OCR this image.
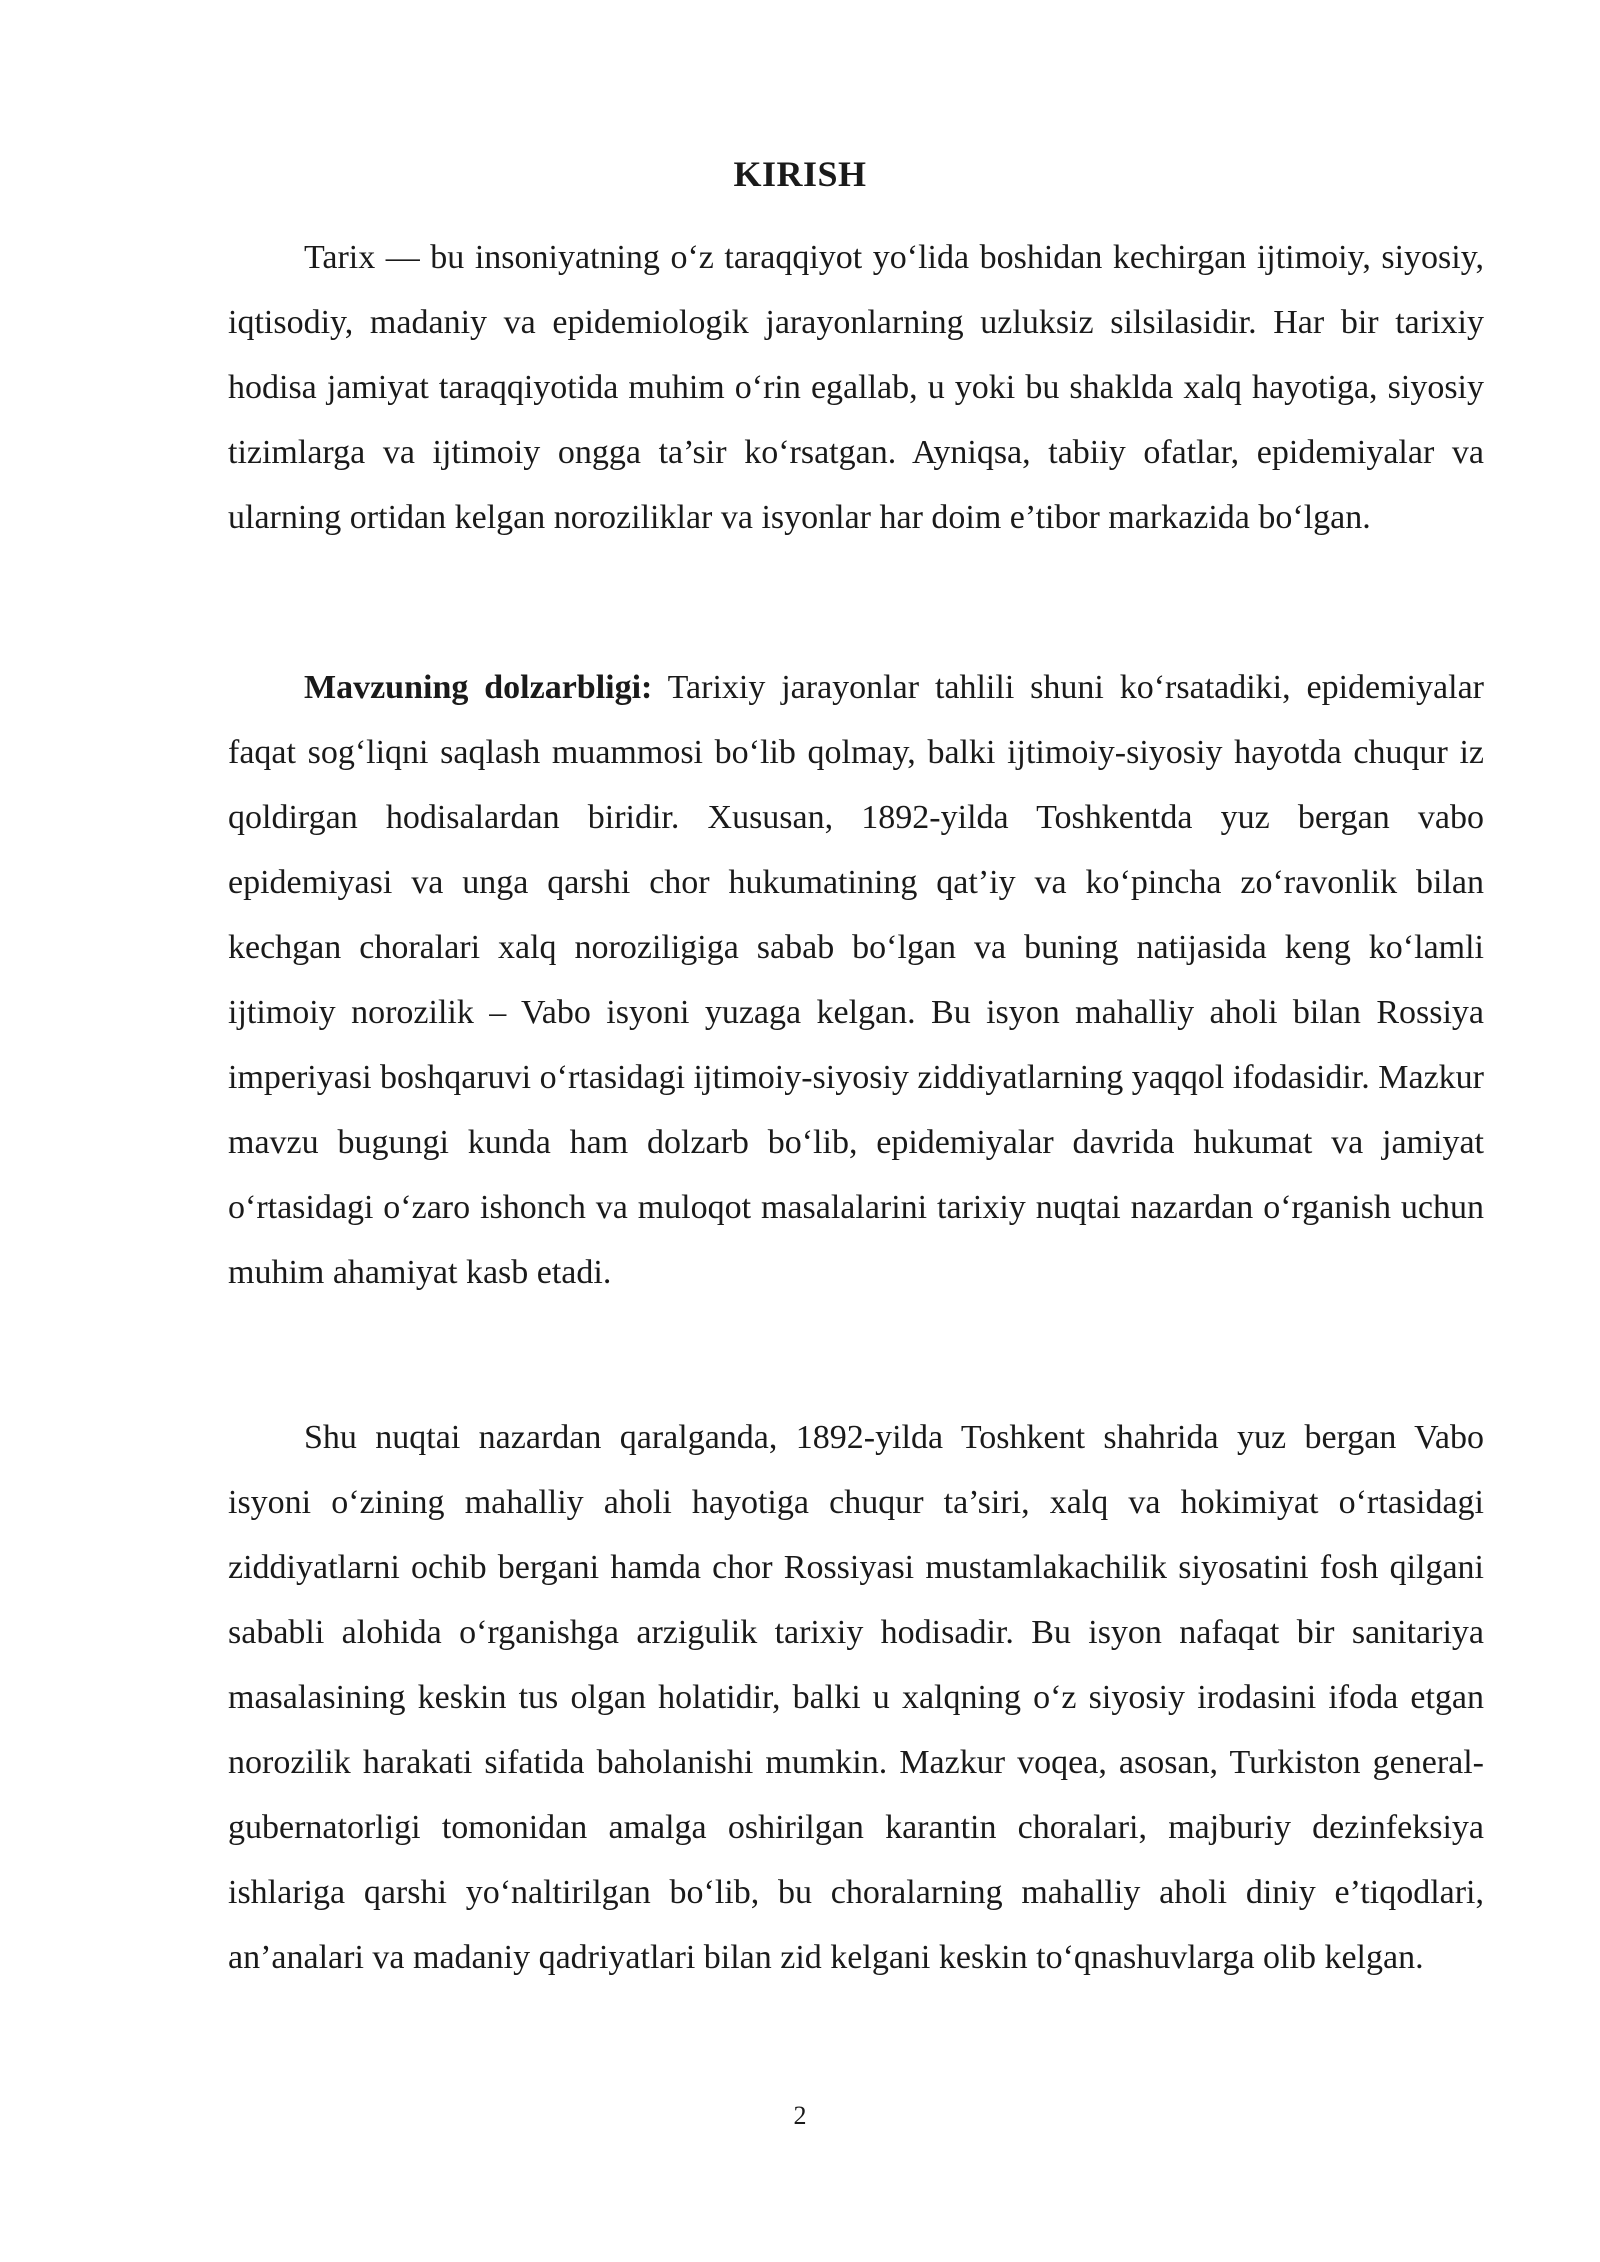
KIRISH

Tarix — bu insoniyatning o‘z taraqqiyot yo‘lida boshidan kechirgan ijtimoiy, siyosiy, iqtisodiy, madaniy va epidemiologik jarayonlarning uzluksiz silsilasidir. Har bir tarixiy hodisa jamiyat taraqqiyotida muhim o‘rin egallab, u yoki bu shaklda xalq hayotiga, siyosiy tizimlarga va ijtimoiy ongga ta’sir ko‘rsatgan. Ayniqsa, tabiiy ofatlar, epidemiyalar va ularning ortidan kelgan noroziliklar va isyonlar har doim e’tibor markazida bo‘lgan.

Mavzuning dolzarbligi: Tarixiy jarayonlar tahlili shuni ko‘rsatadiki, epidemiyalar faqat sog‘liqni saqlash muammosi bo‘lib qolmay, balki ijtimoiy-siyosiy hayotda chuqur iz qoldirgan hodisalardan biridir. Xususan, 1892-yilda Toshkentda yuz bergan vabo epidemiyasi va unga qarshi chor hukumatining qat’iy va ko‘pincha zo‘ravonlik bilan kechgan choralari xalq noroziligiga sabab bo‘lgan va buning natijasida keng ko‘lamli ijtimoiy norozilik – Vabo isyoni yuzaga kelgan. Bu isyon mahalliy aholi bilan Rossiya imperiyasi boshqaruvi o‘rtasidagi ijtimoiy-siyosiy ziddiyatlarning yaqqol ifodasidir. Mazkur mavzu bugungi kunda ham dolzarb bo‘lib, epidemiyalar davrida hukumat va jamiyat o‘rtasidagi o‘zaro ishonch va muloqot masalalarini tarixiy nuqtai nazardan o‘rganish uchun muhim ahamiyat kasb etadi.

Shu nuqtai nazardan qaralganda, 1892-yilda Toshkent shahrida yuz bergan Vabo isyoni o‘zining mahalliy aholi hayotiga chuqur ta’siri, xalq va hokimiyat o‘rtasidagi ziddiyatlarni ochib bergani hamda chor Rossiyasi mustamlakachilik siyosatini fosh qilgani sababli alohida o‘rganishga arzigulik tarixiy hodisadir. Bu isyon nafaqat bir sanitariya masalasining keskin tus olgan holatidir, balki u xalqning o‘z siyosiy irodasini ifoda etgan norozilik harakati sifatida baholanishi mumkin. Mazkur voqea, asosan, Turkiston general-gubernatorligi tomonidan amalga oshirilgan karantin choralari, majburiy dezinfeksiya ishlariga qarshi yo‘naltirilgan bo‘lib, bu choralarning mahalliy aholi diniy e’tiqodlari, an’analari va madaniy qadriyatlari bilan zid kelgani keskin to‘qnashuvlarga olib kelgan.

2
